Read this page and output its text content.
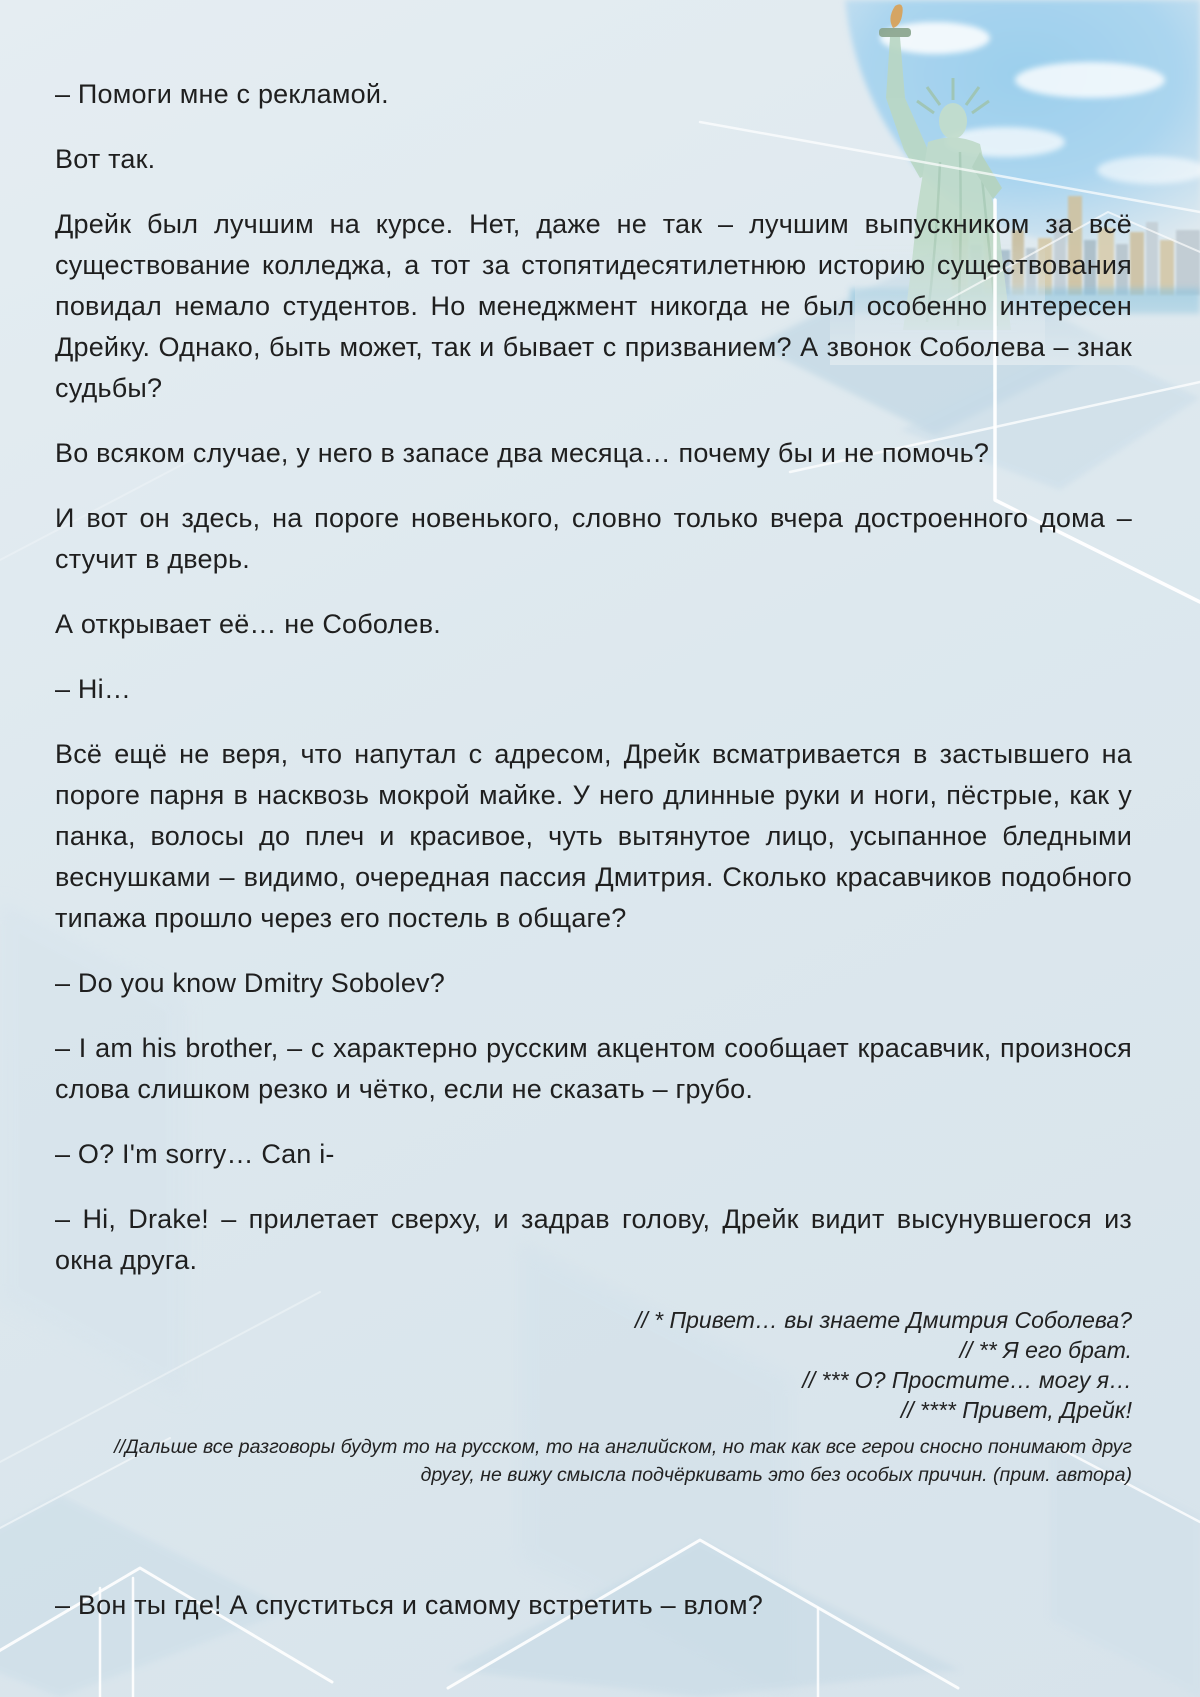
– Помоги мне с рекламой.

Вот так.

Дрейк был лучшим на курсе. Нет, даже не так – лучшим выпускником за всё существование колледжа, а тот за стопятидесятилетнюю историю существования повидал немало студентов. Но менеджмент никогда не был особенно интересен Дрейку. Однако, быть может, так и бывает с призванием? А звонок Соболева – знак судьбы?

Во всяком случае, у него в запасе два месяца… почему бы и не помочь?

И вот он здесь, на пороге новенького, словно только вчера достроенного дома – стучит в дверь.

А открывает её… не Соболев.

– Hi…

Всё ещё не веря, что напутал с адресом, Дрейк всматривается в застывшего на пороге парня в насквозь мокрой майке. У него длинные руки и ноги, пёстрые, как у панка, волосы до плеч и красивое, чуть вытянутое лицо, усыпанное бледными веснушками – видимо, очередная пассия Дмитрия. Сколько красавчиков подобного типажа прошло через его постель в общаге?

– Do you know Dmitry Sobolev?

– I am his brother, – с характерно русским акцентом сообщает красавчик, произнося слова слишком резко и чётко, если не сказать – грубо.

– O? I'm sorry… Can i-

– Hi, Drake! – прилетает сверху, и задрав голову, Дрейк видит высунувшегося из окна друга.

// * Привет… вы знаете Дмитрия Соболева?

// ** Я его брат.

// *** О? Простите… могу я…

// **** Привет, Дрейк!

//Дальше все разговоры будут то на русском, то на английском, но так как все герои сносно понимают друг другу, не вижу смысла подчёркивать это без особых причин. (прим. автора)

– Вон ты где! А спуститься и самому встретить – влом?
